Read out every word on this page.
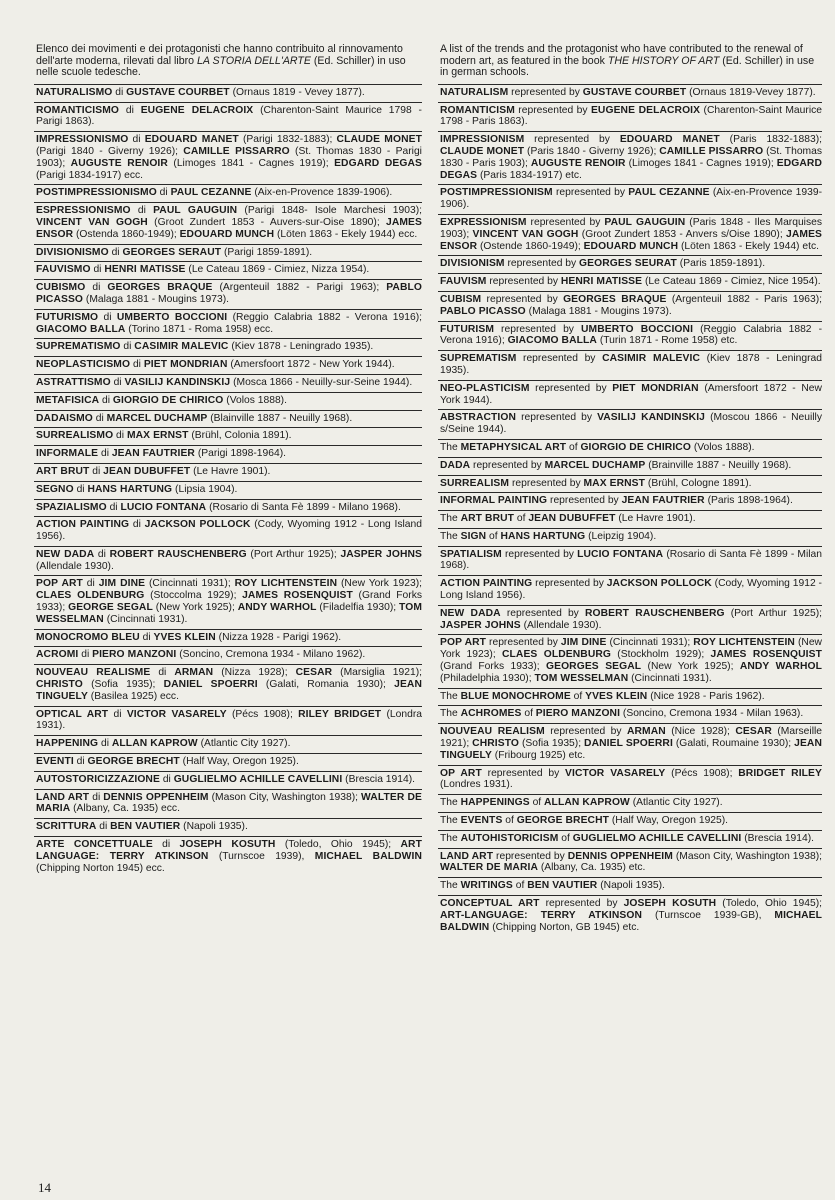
Elenco dei movimenti e dei protagonisti che hanno contribuito al rinnovamento dell'arte moderna, rilevati dal libro LA STORIA DELL'ARTE (Ed. Schiller) in uso nelle scuole tedesche.

NATURALISMO di GUSTAVE COURBET (Ornaus 1819 - Vevey 1877).
ROMANTICISMO di EUGENE DELACROIX (Charenton-Saint Maurice 1798 - Parigi 1863).
IMPRESSIONISMO di EDOUARD MANET (Parigi 1832-1883); CLAUDE MONET (Parigi 1840 - Giverny 1926); CAMILLE PISSARRO (St. Thomas 1830 - Parigi 1903); AUGUSTE RENOIR (Limoges 1841 - Cagnes 1919); EDGARD DEGAS (Parigi 1834-1917) ecc.
POSTIMPRESSIONISMO di PAUL CEZANNE (Aix-en-Provence 1839-1906).
ESPRESSIONISMO di PAUL GAUGUIN (Parigi 1848- Isole Marchesi 1903); VINCENT VAN GOGH (Groot Zundert 1853 - Auvers-sur-Oise 1890); JAMES ENSOR (Ostenda 1860-1949); EDOUARD MUNCH (Löten 1863 - Ekely 1944) ecc.
DIVISIONISMO di GEORGES SERAUT (Parigi 1859-1891).
FAUVISMO di HENRI MATISSE (Le Cateau 1869 - Cimiez, Nizza 1954).
CUBISMO di GEORGES BRAQUE (Argenteuil 1882 - Parigi 1963); PABLO PICASSO (Malaga 1881 - Mougins 1973).
FUTURISMO di UMBERTO BOCCIONI (Reggio Calabria 1882 - Verona 1916); GIACOMO BALLA (Torino 1871 - Roma 1958) ecc.
SUPREMATISMO di CASIMIR MALEVIC (Kiev 1878 - Leningrado 1935).
NEOPLASTICISMO di PIET MONDRIAN (Amersfoort 1872 - New York 1944).
ASTRATTISMO di VASILIJ KANDINSKIJ (Mosca 1866 - Neuilly-sur-Seine 1944).
METAFISICA di GIORGIO DE CHIRICO (Volos 1888).
DADAISMO di MARCEL DUCHAMP (Blainville 1887 - Neuilly 1968).
SURREALISMO di MAX ERNST (Brühl, Colonia 1891).
INFORMALE di JEAN FAUTRIER (Parigi 1898-1964).
ART BRUT di JEAN DUBUFFET (Le Havre 1901).
SEGNO di HANS HARTUNG (Lipsia 1904).
SPAZIALISMO di LUCIO FONTANA (Rosario di Santa Fè 1899 - Milano 1968).
ACTION PAINTING di JACKSON POLLOCK (Cody, Wyoming 1912 - Long Island 1956).
NEW DADA di ROBERT RAUSCHENBERG (Port Arthur 1925); JASPER JOHNS (Allendale 1930).
POP ART di JIM DINE (Cincinnati 1931); ROY LICHTENSTEIN (New York 1923); CLAES OLDENBURG (Stoccolma 1929); JAMES ROSENQUIST (Grand Forks 1933); GEORGE SEGAL (New York 1925); ANDY WARHOL (Filadelfia 1930); TOM WESSELMAN (Cincinnati 1931).
MONOCROMO BLEU di YVES KLEIN (Nizza 1928 - Parigi 1962).
ACROMI di PIERO MANZONI (Soncino, Cremona 1934 - Milano 1962).
NOUVEAU REALISME di ARMAN (Nizza 1928); CESAR (Marsiglia 1921); CHRISTO (Sofia 1935); DANIEL SPOERRI (Galati, Romania 1930); JEAN TINGUELY (Basilea 1925) ecc.
OPTICAL ART di VICTOR VASARELY (Pécs 1908); RILEY BRIDGET (Londra 1931).
HAPPENING di ALLAN KAPROW (Atlantic City 1927).
EVENTI di GEORGE BRECHT (Half Way, Oregon 1925).
AUTOSTORICIZZAZIONE di GUGLIELMO ACHILLE CAVELLINI (Brescia 1914).
LAND ART di DENNIS OPPENHEIM (Mason City, Washington 1938); WALTER DE MARIA (Albany, Ca. 1935) ecc.
SCRITTURA di BEN VAUTIER (Napoli 1935).
ARTE CONCETTUALE di JOSEPH KOSUTH (Toledo, Ohio 1945); ART LANGUAGE: TERRY ATKINSON (Turnscoe 1939), MICHAEL BALDWIN (Chipping Norton 1945) ecc.

A list of the trends and the protagonist who have contributed to the renewal of modern art, as featured in the book THE HISTORY OF ART (Ed. Schiller) in use in german schools.

NATURALISM represented by GUSTAVE COURBET (Ornaus 1819-Vevey 1877).
ROMANTICISM represented by EUGENE DELACROIX (Charenton-Saint Maurice 1798 - Paris 1863).
IMPRESSIONISM represented by EDOUARD MANET (Paris 1832-1883); CLAUDE MONET (Paris 1840 - Giverny 1926); CAMILLE PISSARRO (St. Thomas 1830 - Paris 1903); AUGUSTE RENOIR (Limoges 1841 - Cagnes 1919); EDGARD DEGAS (Paris 1834-1917) etc.
POSTIMPRESSIONISM represented by PAUL CEZANNE (Aix-en-Provence 1939-1906).
EXPRESSIONISM represented by PAUL GAUGUIN (Paris 1848 - Iles Marquises 1903); VINCENT VAN GOGH (Groot Zundert 1853 - Anvers s/Oise 1890); JAMES ENSOR (Ostende 1860-1949); EDOUARD MUNCH (Löten 1863 - Ekely 1944) etc.
DIVISIONISM represented by GEORGES SEURAT (Paris 1859-1891).
FAUVISM represented by HENRI MATISSE (Le Cateau 1869 - Cimiez, Nice 1954).
CUBISM represented by GEORGES BRAQUE (Argenteuil 1882 - Paris 1963); PABLO PICASSO (Malaga 1881 - Mougins 1973).
FUTURISM represented by UMBERTO BOCCIONI (Reggio Calabria 1882 - Verona 1916); GIACOMO BALLA (Turin 1871 - Rome 1958) etc.
SUPREMATISM represented by CASIMIR MALEVIC (Kiev 1878 - Leningrad 1935).
NEO-PLASTICISM represented by PIET MONDRIAN (Amersfoort 1872 - New York 1944).
ABSTRACTION represented by VASILIJ KANDINSKIJ (Moscou 1866 - Neuilly s/Seine 1944).
The METAPHYSICAL ART of GIORGIO DE CHIRICO (Volos 1888).
DADA represented by MARCEL DUCHAMP (Brainville 1887 - Neuilly 1968).
SURREALISM represented by MAX ERNST (Brühl, Cologne 1891).
INFORMAL PAINTING represented by JEAN FAUTRIER (Paris 1898-1964).
The ART BRUT of JEAN DUBUFFET (Le Havre 1901).
The SIGN of HANS HARTUNG (Leipzig 1904).
SPATIALISM represented by LUCIO FONTANA (Rosario di Santa Fè 1899 - Milan 1968).
ACTION PAINTING represented by JACKSON POLLOCK (Cody, Wyoming 1912 - Long Island 1956).
NEW DADA represented by ROBERT RAUSCHENBERG (Port Arthur 1925); JASPER JOHNS (Allendale 1930).
POP ART represented by JIM DINE (Cincinnati 1931); ROY LICHTENSTEIN (New York 1923); CLAES OLDENBURG (Stockholm 1929); JAMES ROSENQUIST (Grand Forks 1933); GEORGES SEGAL (New York 1925); ANDY WARHOL (Philadelphia 1930); TOM WESSELMAN (Cincinnati 1931).
The BLUE MONOCHROME of YVES KLEIN (Nice 1928 - Paris 1962).
The ACHROMES of PIERO MANZONI (Soncino, Cremona 1934 - Milan 1963).
NOUVEAU REALISM represented by ARMAN (Nice 1928); CESAR (Marseille 1921); CHRISTO (Sofia 1935); DANIEL SPOERRI (Galati, Roumaine 1930); JEAN TINGUELY (Fribourg 1925) etc.
OP ART represented by VICTOR VASARELY (Pécs 1908); BRIDGET RILEY (Londres 1931).
The HAPPENINGS of ALLAN KAPROW (Atlantic City 1927).
The EVENTS of GEORGE BRECHT (Half Way, Oregon 1925).
The AUTOHISTORICISM of GUGLIELMO ACHILLE CAVELLINI (Brescia 1914).
LAND ART represented by DENNIS OPPENHEIM (Mason City, Washington 1938); WALTER DE MARIA (Albany, Ca. 1935) etc.
The WRITINGS of BEN VAUTIER (Napoli 1935).
CONCEPTUAL ART represented by JOSEPH KOSUTH (Toledo, Ohio 1945); ART-LANGUAGE: TERRY ATKINSON (Turnscoe 1939-GB), MICHAEL BALDWIN (Chipping Norton, GB 1945) etc.
14
